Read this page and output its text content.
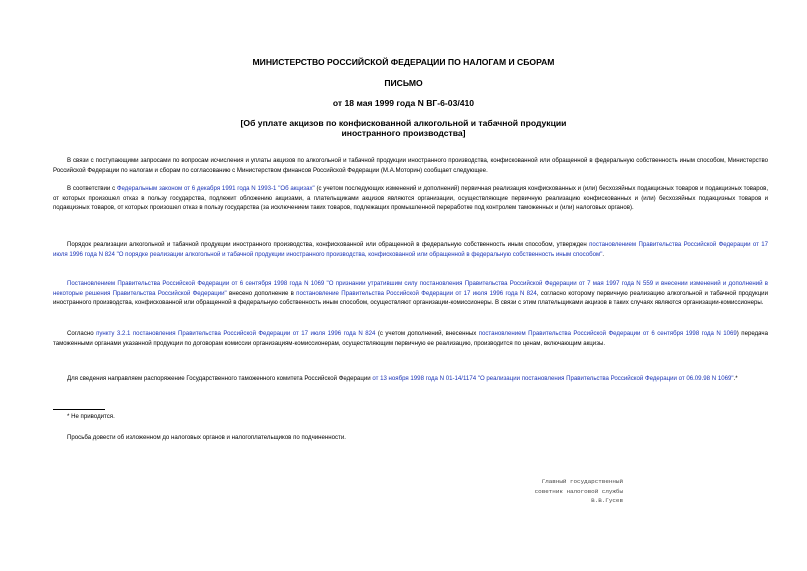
МИНИСТЕРСТВО РОССИЙСКОЙ ФЕДЕРАЦИИ ПО НАЛОГАМ И СБОРАМ
ПИСЬМО
от 18 мая 1999 года N ВГ-6-03/410
[Об уплате акцизов по конфискованной алкогольной и табачной продукции
иностранного производства]
В связи с поступающими запросами по вопросам исчисления и уплаты акцизов по алкогольной и табачной продукции иностранного производства, конфискованной или обращенной в федеральную собственность иным способом, Министерство Российской Федерации по налогам и сборам по согласованию с Министерством финансов Российской Федерации (М.А.Моторин) сообщает следующее.
В соответствии с Федеральным законом от 6 декабря 1991 года N 1993-1 "Об акцизах" (с учетом последующих изменений и дополнений) первичная реализация конфискованных и (или) бесхозяйных подакцизных товаров и подакцизных товаров, от которых произошел отказ в пользу государства, подлежит обложению акцизами, а плательщиками акцизов являются организации, осуществляющие первичную реализацию конфискованных и (или) бесхозяйных подакцизных товаров и подакцизных товаров, от которых произошел отказ в пользу государства (за исключением таких товаров, подлежащих промышленной переработке под контролем таможенных и (или) налоговых органов).
Порядок реализации алкогольной и табачной продукции иностранного производства, конфискованной или обращенной в федеральную собственность иным способом, утвержден постановлением Правительства Российской Федерации от 17 июля 1996 года N 824 "О порядке реализации алкогольной и табачной продукции иностранного производства, конфискованной или обращенной в федеральную собственность иным способом".
Постановлением Правительства Российской Федерации от 6 сентября 1998 года N 1069 "О признании утратившим силу постановления Правительства Российской Федерации от 7 мая 1997 года N 559 и внесении изменений и дополнений в некоторые решения Правительства Российской Федерации" внесено дополнение в постановление Правительства Российской Федерации от 17 июля 1996 года N 824, согласно которому первичную реализацию алкогольной и табачной продукции иностранного производства, конфискованной или обращенной в федеральную собственность иным способом, осуществляют организации-комиссионеры. В связи с этим плательщиками акцизов в таких случаях являются организации-комиссионеры.
Согласно пункту 3.2.1 постановления Правительства Российской Федерации от 17 июля 1996 года N 824 (с учетом дополнений, внесенных постановлением Правительства Российской Федерации от 6 сентября 1998 года N 1069) передача таможенными органами указанной продукции по договорам комиссии организациям-комиссионерам, осуществляющим первичную ее реализацию, производится по ценам, включающим акцизы.
Для сведения направляем распоряжение Государственного таможенного комитета Российской Федерации от 13 ноября 1998 года N 01-14/1174 "О реализации постановления Правительства Российской Федерации от 06.09.98 N 1069".*
* Не приводится.
Просьба довести об изложенном до налоговых органов и налогоплательщиков по подчиненности.
Главный государственный
советник налоговой службы
В.В.Гусев
